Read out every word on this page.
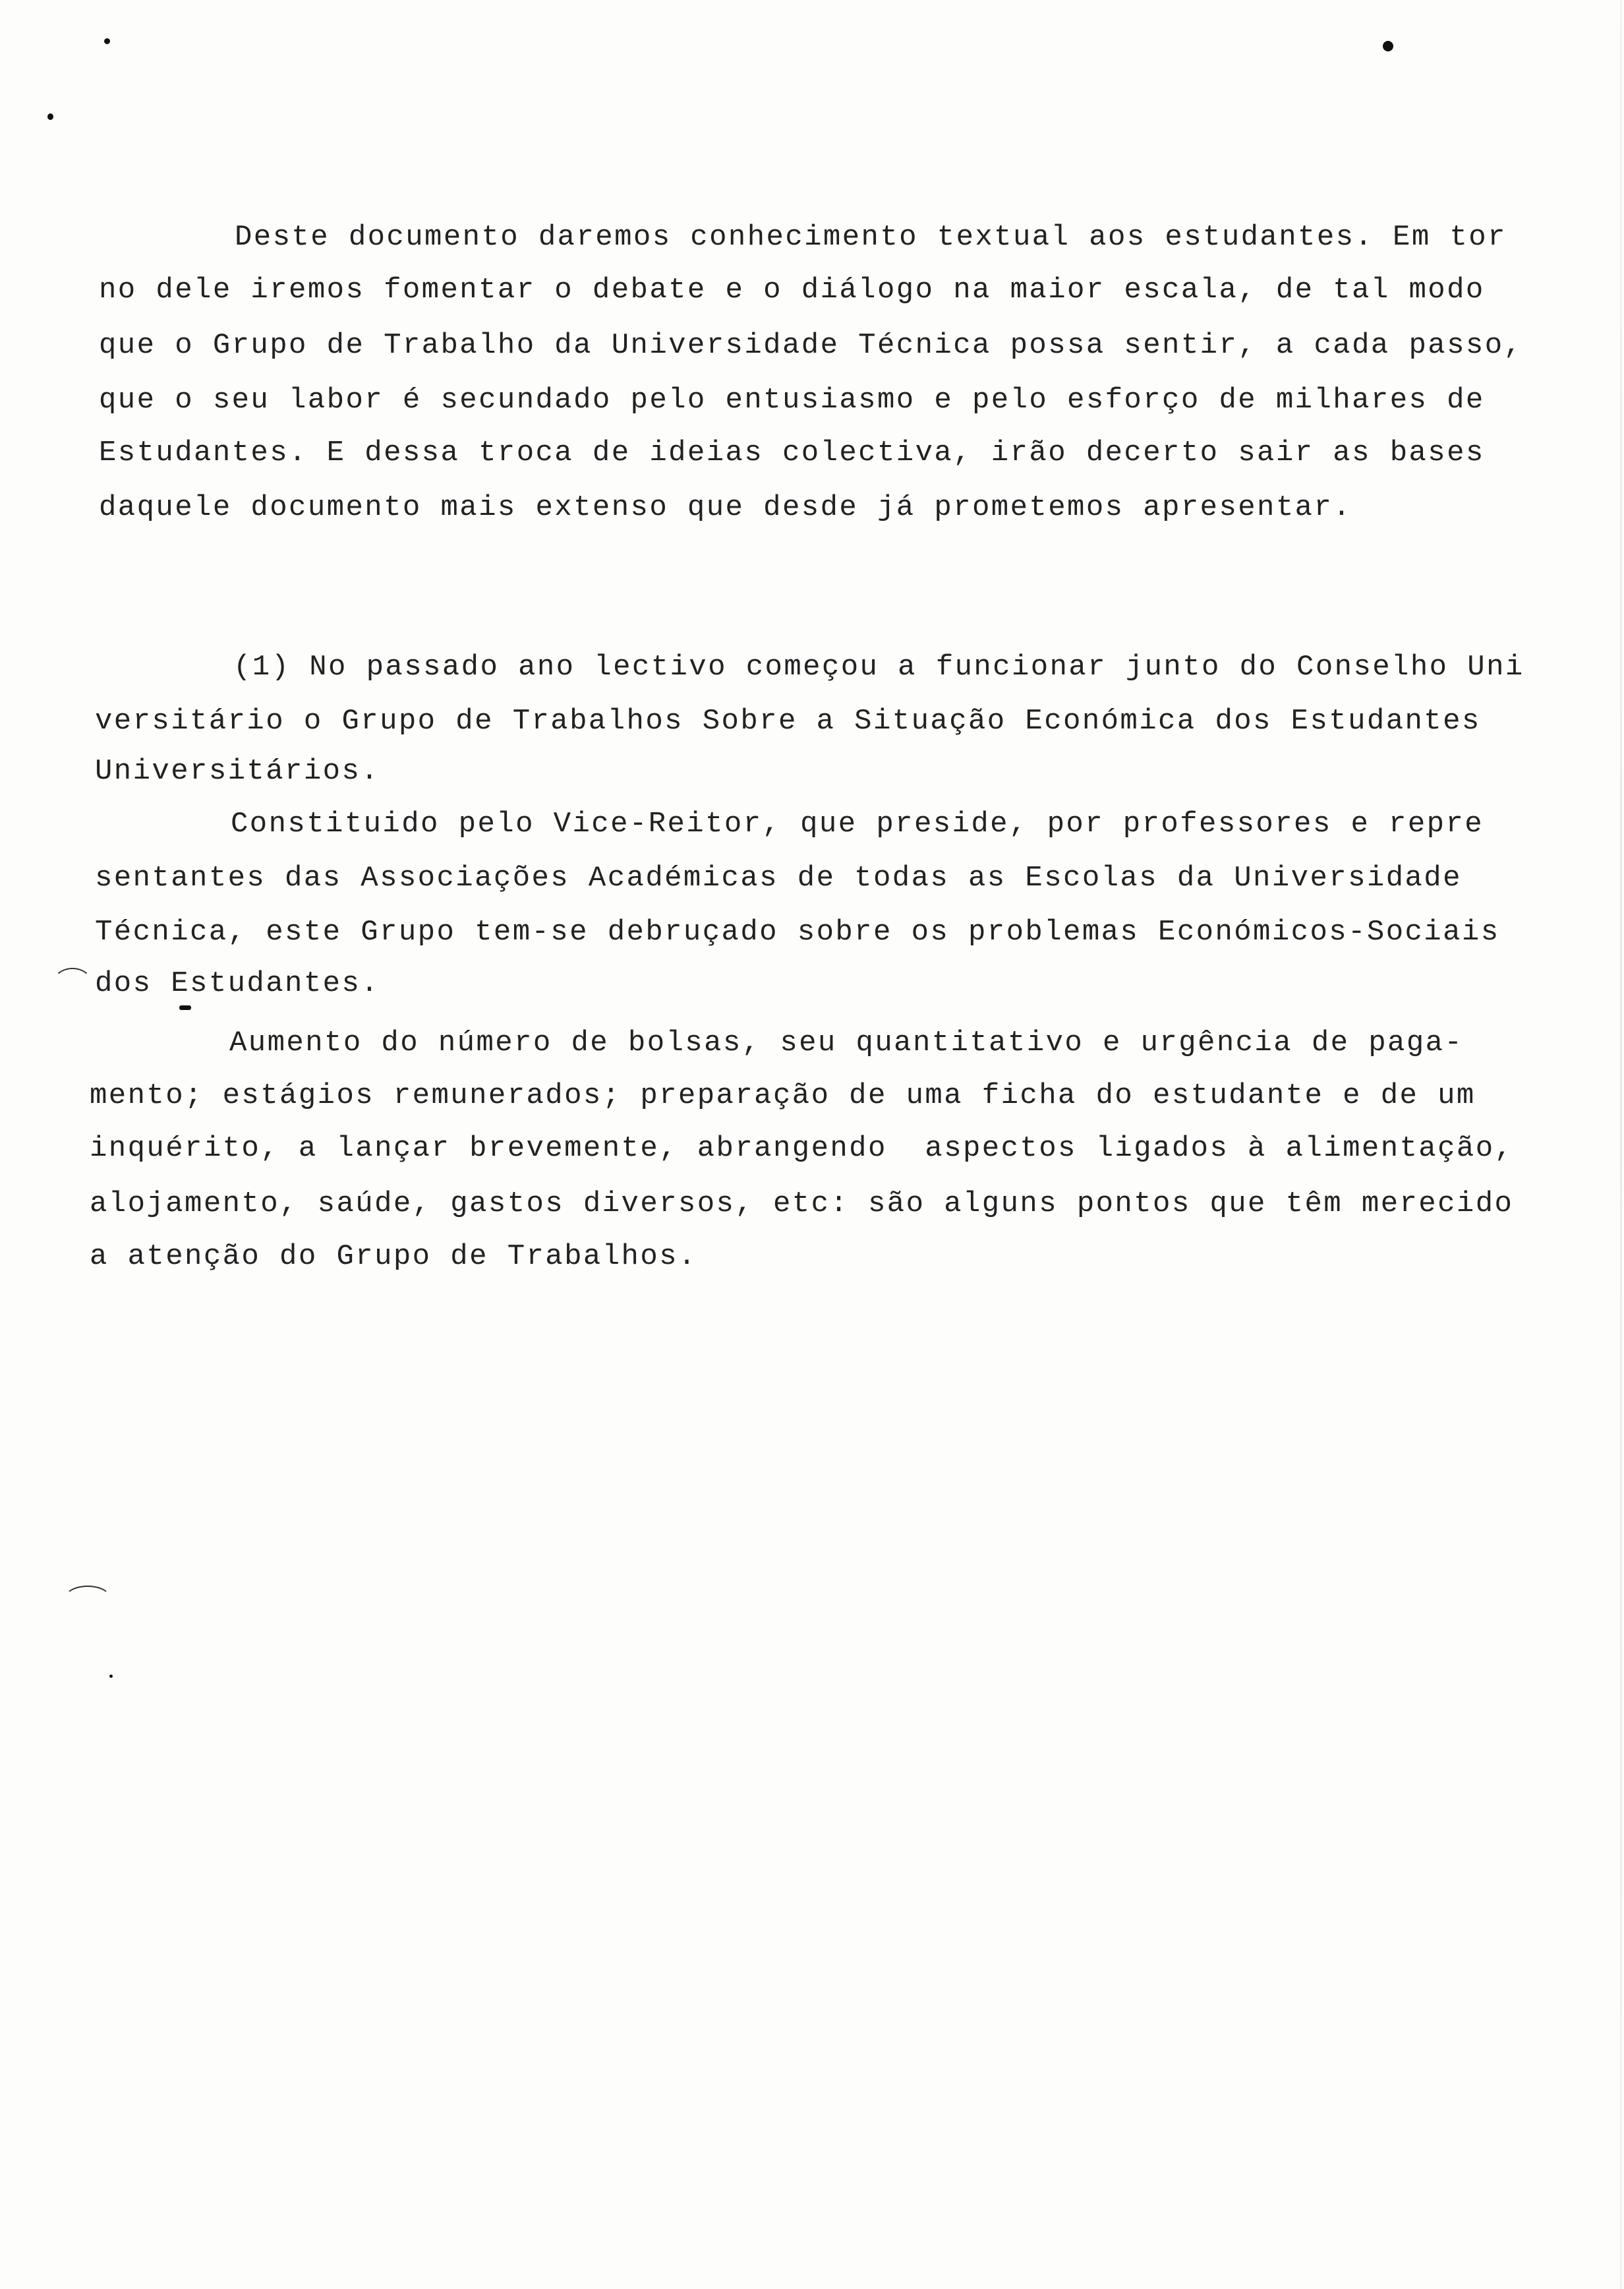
Deste documento daremos conhecimento textual aos estudantes. Em tor
no dele iremos fomentar o debate e o diálogo na maior escala, de tal modo
que o Grupo de Trabalho da Universidade Técnica possa sentir, a cada passo,
que o seu labor é secundado pelo entusiasmo e pelo esforço de milhares de
Estudantes. E dessa troca de ideias colectiva, irão decerto sair as bases
daquele documento mais extenso que desde já prometemos apresentar.
(1) No passado ano lectivo começou a funcionar junto do Conselho Uni
versitário o Grupo de Trabalhos Sobre a Situação Económica dos Estudantes
Universitários.
Constituido pelo Vice-Reitor, que preside, por professores e repre
sentantes das Associações Académicas de todas as Escolas da Universidade
Técnica, este Grupo tem-se debruçado sobre os problemas Económicos-Sociais
dos Estudantes.
Aumento do número de bolsas, seu quantitativo e urgência de paga-
mento; estágios remunerados; preparação de uma ficha do estudante e de um
inquérito, a lançar brevemente, abrangendo  aspectos ligados à alimentação,
alojamento, saúde, gastos diversos, etc: são alguns pontos que têm merecido
a atenção do Grupo de Trabalhos.
